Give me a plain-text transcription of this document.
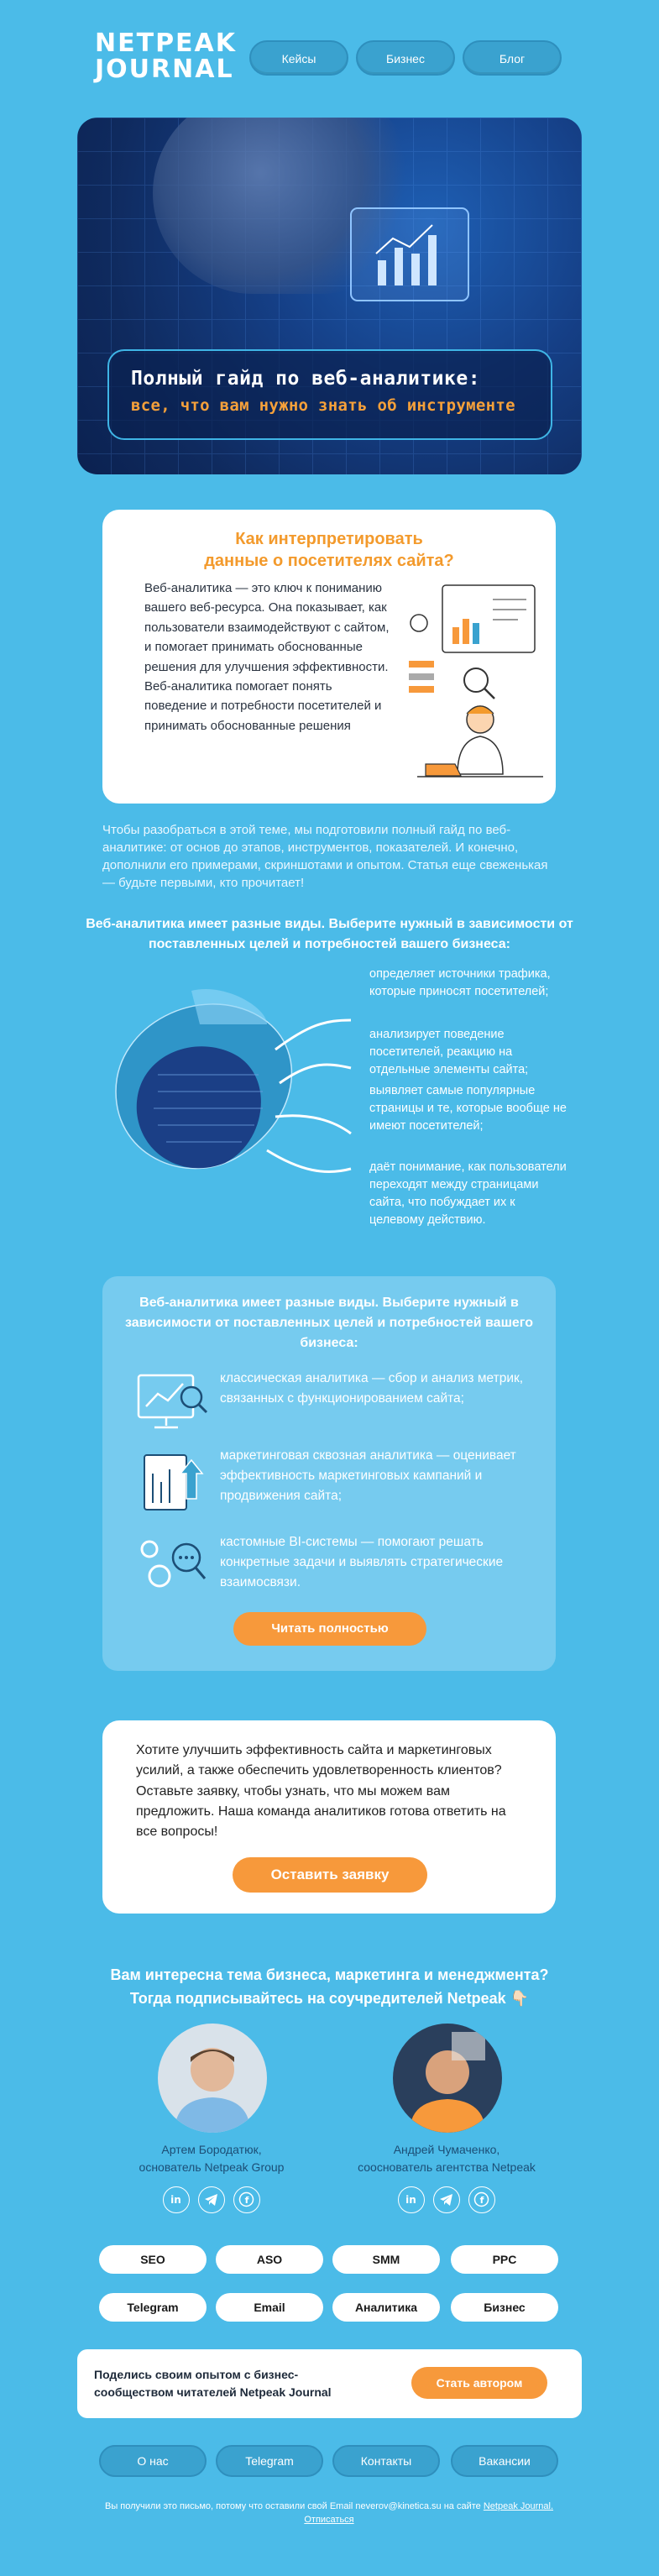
NETPEAK
JOURNAL	Кейсы	Бизнес	Блог
Полный гайд по веб-аналитике:
все, что вам нужно знать об инструменте
Как интерпретировать
данные о посетителях сайта?
Веб-аналитика — это ключ к пониманию вашего веб-ресурса. Она показывает, как пользователи взаимодействуют с сайтом, и помогает принимать обоснованные решения для улучшения эффективности. Веб-аналитика помогает понять поведение и потребности посетителей и принимать обоснованные решения
Чтобы разобраться в этой теме, мы подготовили полный гайд по веб-аналитике: от основ до этапов, инструментов, показателей. И конечно, дополнили его примерами, скриншотами и опытом. Статья еще свеженькая — будьте первыми, кто прочитает!
Веб-аналитика имеет разные виды. Выберите нужный в зависимости от поставленных целей и потребностей вашего бизнеса:
определяет источники трафика, которые приносят посетителей;
анализирует поведение посетителей, реакцию на отдельные элементы сайта;
выявляет самые популярные страницы и те, которые вообще не имеют посетителей;
даёт понимание, как пользователи переходят между страницами сайта, что побуждает их к целевому действию.
Веб-аналитика имеет разные виды. Выберите нужный в зависимости от поставленных целей и потребностей вашего бизнеса:
классическая аналитика — сбор и анализ метрик, связанных с функционированием сайта;
маркетинговая сквозная аналитика — оценивает эффективность маркетинговых кампаний и продвижения сайта;
кастомные BI-системы — помогают решать конкретные задачи и выявлять стратегические взаимосвязи.
Читать полностью
Хотите улучшить эффективность сайта и маркетинговых усилий, а также обеспечить удовлетворенность клиентов? Оставьте заявку, чтобы узнать, что мы можем вам предложить. Наша команда аналитиков готова ответить на все вопросы!
Оставить заявку
Вам интересна тема бизнеса, маркетинга и менеджмента?
Тогда подписывайтесь на соучредителей Netpeak 👇🏻
Артем Бородатюк,
основатель Netpeak Group
Андрей Чумаченко,
сооснователь агентства Netpeak
in	f	in	f
SEO	ASO	SMM	PPC
Telegram	Email	Аналитика	Бизнес
Поделись своим опытом с бизнес-сообществом читателей Netpeak Journal
Стать автором
О нас	Telegram	Контакты	Вакансии
Вы получили это письмо, потому что оставили свой Email neverov@kinetica.su на сайте Netpeak Journal.
Отписаться
